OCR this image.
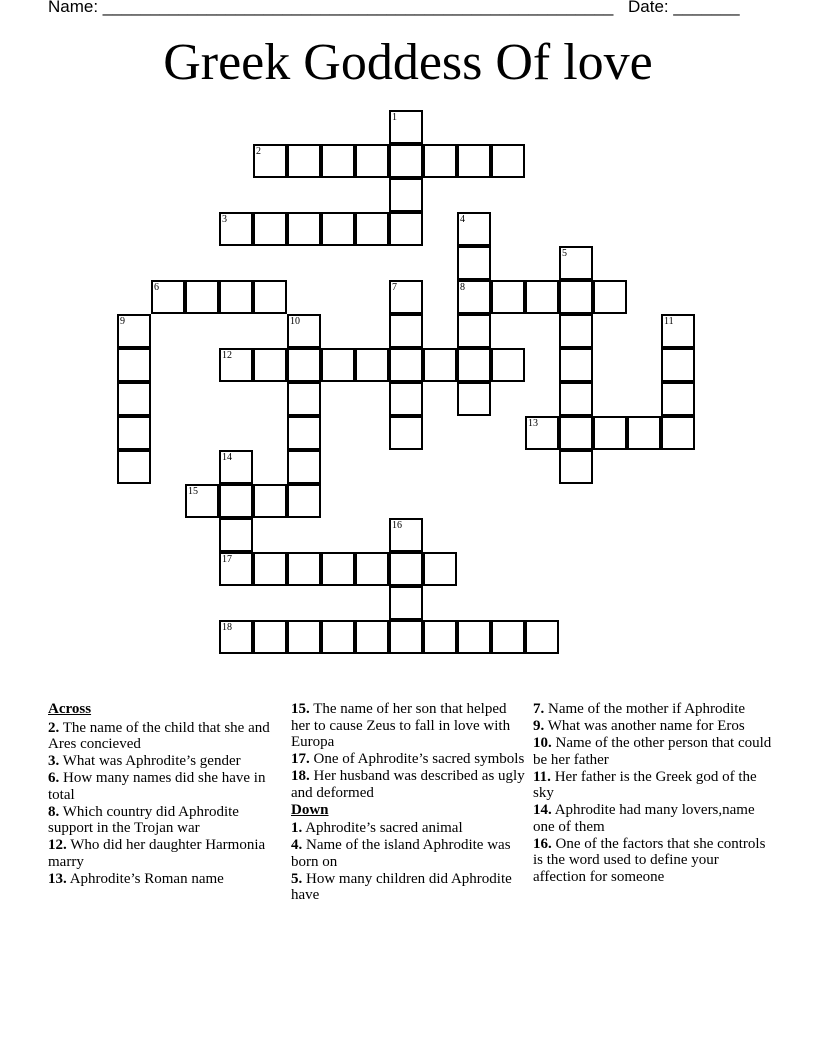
Name: ______________________________________________________ Date: _______
Greek Goddess Of love
1
2
3	4
8
5
6	7
9	10	11
12
13
14
15
16
17
18
Across
2. The name of the child that she and Ares concieved
3. What was Aphrodite’s gender
6. How many names did she have in total
8. Which country did Aphrodite support in the Trojan war
12. Who did her daughter Harmonia marry
13. Aphrodite’s Roman name
15. The name of her son that helped her to cause Zeus to fall in love with Europa
17. One of Aphrodite’s sacred symbols
18. Her husband was described as ugly and deformed
Down
1. Aphrodite’s sacred animal
4. Name of the island Aphrodite was born on
5. How many children did Aphrodite have
7. Name of the mother if Aphrodite
9. What was another name for Eros
10. Name of the other person that could be her father
11. Her father is the Greek god of the sky
14. Aphrodite had many lovers,name one of them
16. One of the factors that she controls is the word used to define your affection for someone
